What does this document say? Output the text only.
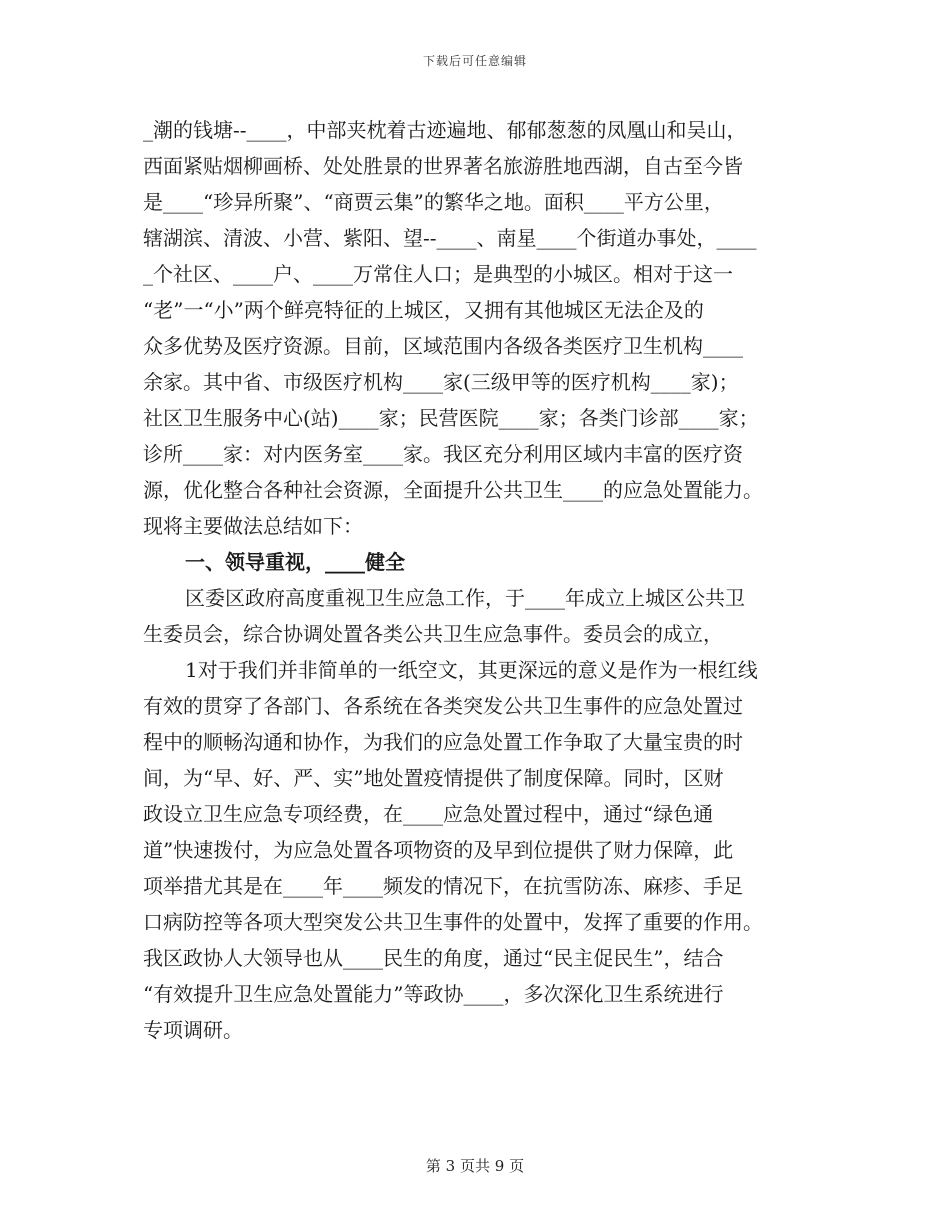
下载后可任意编辑
_潮的钱塘--____，中部夹枕着古迹遍地、郁郁葱葱的凤凰山和吴山，
西面紧贴烟柳画桥、处处胜景的世界著名旅游胜地西湖，自古至今皆
是____“珍异所聚”、“商贾云集”的繁华之地。面积____平方公里，
辖湖滨、清波、小营、紫阳、望--____、南星____个街道办事处，____
_个社区、____户、____万常住人口；是典型的小城区。相对于这一
“老”一“小”两个鲜亮特征的上城区，又拥有其他城区无法企及的
众多优势及医疗资源。目前，区域范围内各级各类医疗卫生机构____
余家。其中省、市级医疗机构____家(三级甲等的医疗机构____家)；
社区卫生服务中心(站)____家；民营医院____家；各类门诊部____家；
诊所____家：对内医务室____家。我区充分利用区域内丰富的医疗资
源，优化整合各种社会资源，全面提升公共卫生____的应急处置能力。
现将主要做法总结如下：
一、领导重视，____健全
区委区政府高度重视卫生应急工作，于____年成立上城区公共卫
生委员会，综合协调处置各类公共卫生应急事件。委员会的成立，
1对于我们并非简单的一纸空文，其更深远的意义是作为一根红线
有效的贯穿了各部门、各系统在各类突发公共卫生事件的应急处置过
程中的顺畅沟通和协作，为我们的应急处置工作争取了大量宝贵的时
间，为“早、好、严、实”地处置疫情提供了制度保障。同时，区财
政设立卫生应急专项经费，在____应急处置过程中，通过“绿色通
道”快速拨付，为应急处置各项物资的及早到位提供了财力保障，此
项举措尤其是在____年____频发的情况下，在抗雪防冻、麻疹、手足
口病防控等各项大型突发公共卫生事件的处置中，发挥了重要的作用。
我区政协人大领导也从____民生的角度，通过“民主促民生”，结合
“有效提升卫生应急处置能力”等政协____，多次深化卫生系统进行
专项调研。
第 3 页共 9 页
